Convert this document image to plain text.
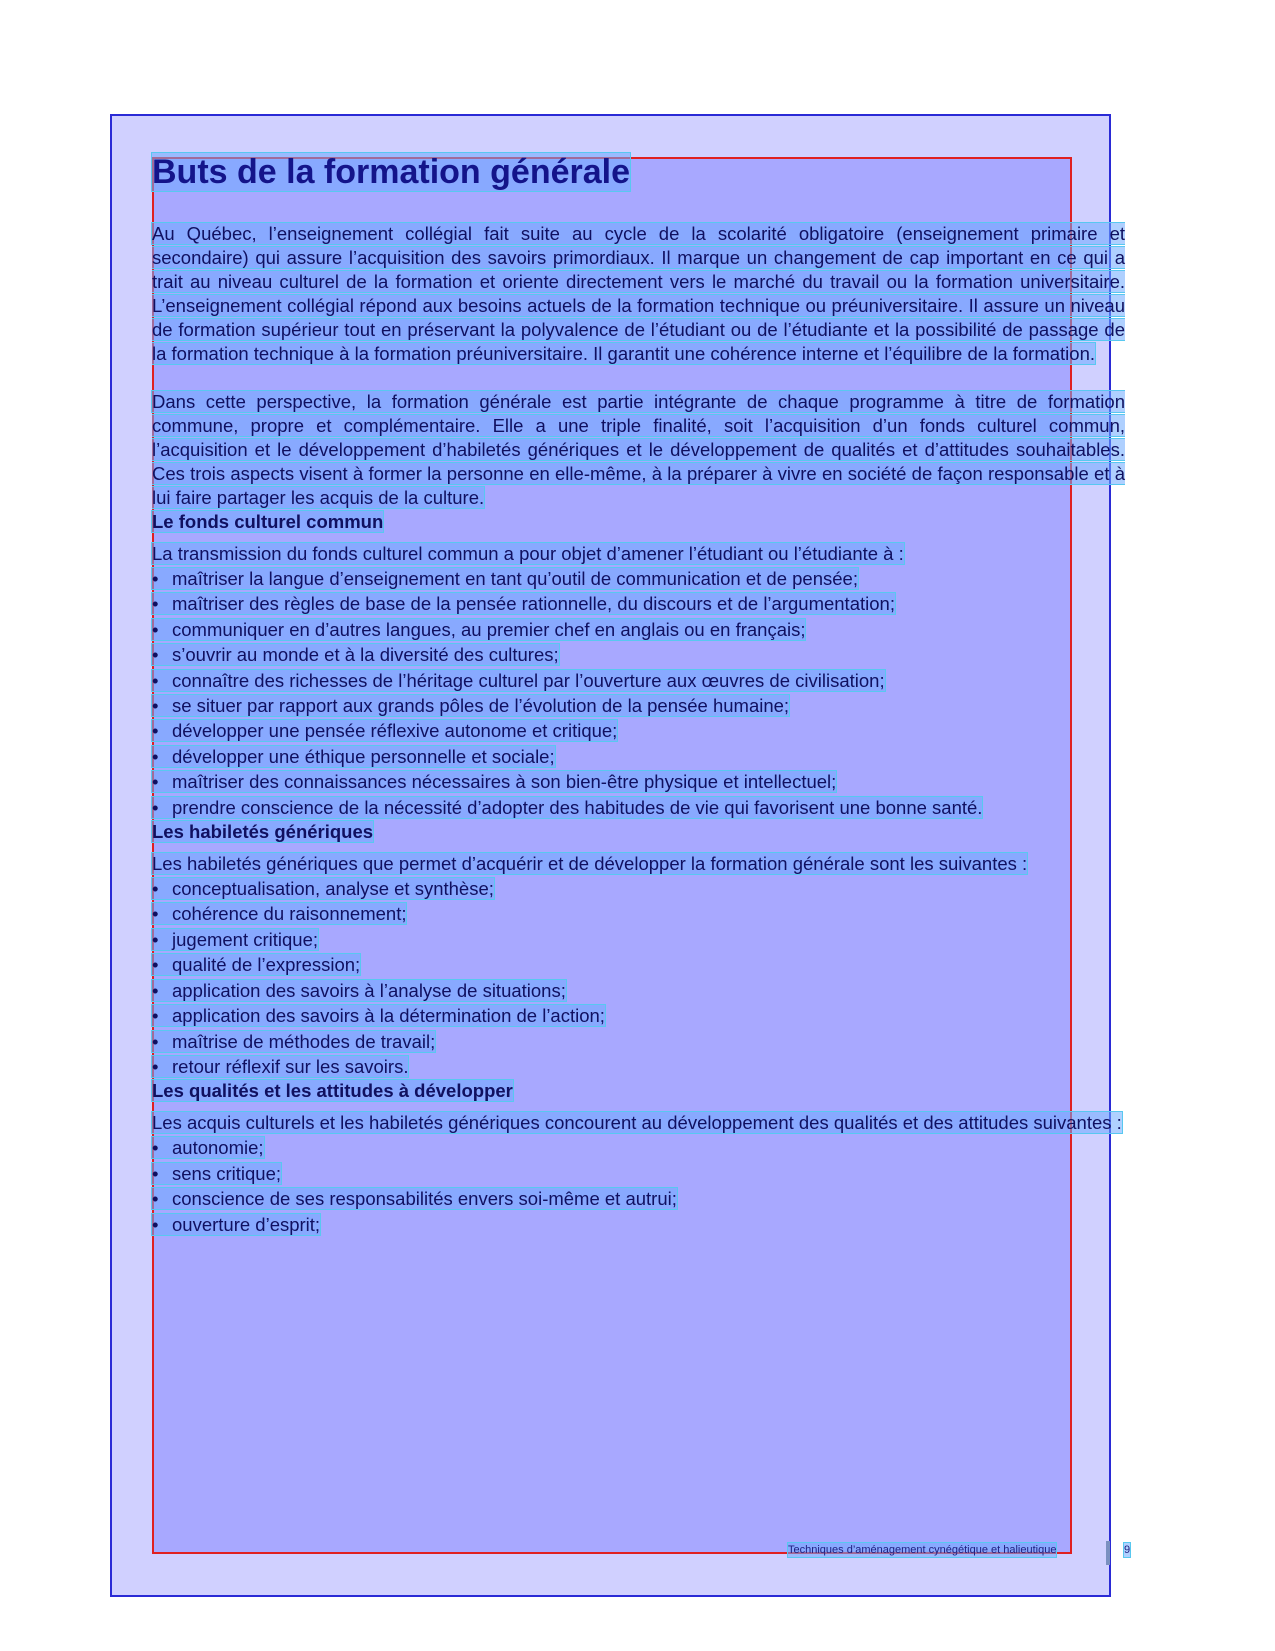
Buts de la formation générale

Au Québec, l’enseignement collégial fait suite au cycle de la scolarité obligatoire (enseignement primaire et secondaire) qui assure l’acquisition des savoirs primordiaux. Il marque un changement de cap important en ce qui a trait au niveau culturel de la formation et oriente directement vers le marché du travail ou la formation universitaire. L’enseignement collégial répond aux besoins actuels de la formation technique ou préuniversitaire. Il assure un niveau de formation supérieur tout en préservant la polyvalence de l’étudiant ou de l’étudiante et la possibilité de passage de la formation technique à la formation préuniversitaire. Il garantit une cohérence interne et l’équilibre de la formation.

Dans cette perspective, la formation générale est partie intégrante de chaque programme à titre de formation commune, propre et complémentaire. Elle a une triple finalité, soit l’acquisition d’un fonds culturel commun, l’acquisition et le développement d’habiletés génériques et le développement de qualités et d’attitudes souhaitables. Ces trois aspects visent à former la personne en elle-même, à la préparer à vivre en société de façon responsable et à lui faire partager les acquis de la culture.

Le fonds culturel commun

La transmission du fonds culturel commun a pour objet d’amener l’étudiant ou l’étudiante à :

• maîtriser la langue d’enseignement en tant qu’outil de communication et de pensée;
• maîtriser des règles de base de la pensée rationnelle, du discours et de l’argumentation;
• communiquer en d’autres langues, au premier chef en anglais ou en français;
• s’ouvrir au monde et à la diversité des cultures;
• connaître des richesses de l’héritage culturel par l’ouverture aux œuvres de civilisation;
• se situer par rapport aux grands pôles de l’évolution de la pensée humaine;
• développer une pensée réflexive autonome et critique;
• développer une éthique personnelle et sociale;
• maîtriser des connaissances nécessaires à son bien-être physique et intellectuel;
• prendre conscience de la nécessité d’adopter des habitudes de vie qui favorisent une bonne santé.
Les habiletés génériques

Les habiletés génériques que permet d’acquérir et de développer la formation générale sont les suivantes :

• conceptualisation, analyse et synthèse;
• cohérence du raisonnement;
• jugement critique;
• qualité de l’expression;
• application des savoirs à l’analyse de situations;
• application des savoirs à la détermination de l’action;
• maîtrise de méthodes de travail;
• retour réflexif sur les savoirs.
Les qualités et les attitudes à développer

Les acquis culturels et les habiletés génériques concourent au développement des qualités et des attitudes suivantes :

• autonomie;
• sens critique;
• conscience de ses responsabilités envers soi-même et autrui;
• ouverture d’esprit;
Techniques d’aménagement cynégétique et halieutique	9
